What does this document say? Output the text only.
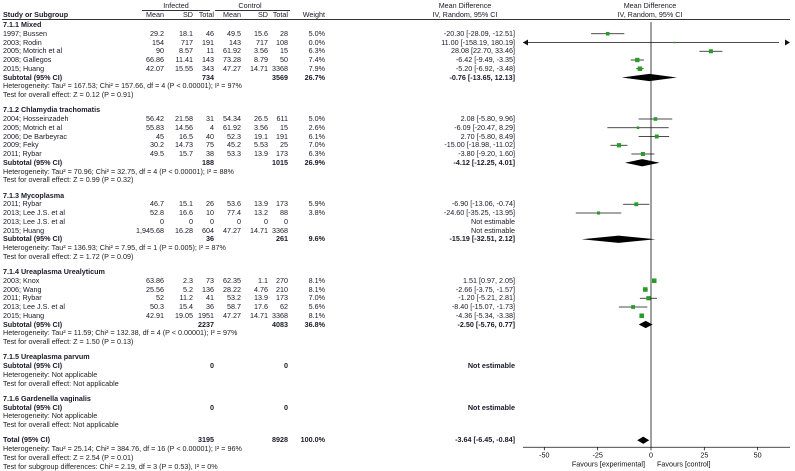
Infected	Control	Mean Difference	Mean Difference
Study or Subgroup	Mean	SD Total	Mean	SD Total	Weight	IV, Random, 95% CI	IV, Random, 95% CI
7.1.1 Mixed
1997; Bussen	29.2	18.1	46	49.5	15.6	28	5.0%	-20.30 [-28.09, -12.51]
2003; Rodin	154	717	191	143	717	108	0.0%	11.00 [-158.19, 180.19]
2005; Motrich et al	90	8.57	11	61.92	3.56	15	6.3%	28.08 [22.70, 33.46]
2008; Gallegos	66.86	11.41	143	73.28	8.79	50	7.4%	-6.42 [-9.49, -3.35]
2015; Huang	42.07	15.55	343	47.27	14.71 3368	7.9%	-5.20 [-6.92, -3.48]
Subtotal (95% CI)	734	3569	26.7%	-0.76 [-13.65, 12.13]
Heterogeneity: Tau² = 167.53; Chi² = 157.66, df = 4 (P < 0.00001); I² = 97%
Test for overall effect: Z = 0.12 (P = 0.91)
7.1.2 Chlamydia trachomatis
2004; Hosseinzadeh	56.42	21.58	31	54.34	26.5	611	5.0%	2.08 [-5.80, 9.96]
2005; Motrich et al	55.83	14.56	4	61.92	3.56	15	2.6%	-6.09 [-20.47, 8.29]
2006; De Barbeyrac	45	16.5	40	52.3	19.1	191	6.1%	2.70 [-5.80, 8.49]
2009; Feky	30.2	14.73	75	45.2	5.53	25	7.0%	-15.00 [-18.98, -11.02]
2011; Rybar	49.5	15.7	38	53.3	13.9	173	6.3%	-3.80 [-9.20, 1.60]
Subtotal (95% CI)	188	1015	26.9%	-4.12 [-12.25, 4.01]
Heterogeneity: Tau² = 70.96; Chi² = 32.75, df = 4 (P < 0.00001); I² = 88%
Test for overall effect: Z = 0.99 (P = 0.32)
7.1.3 Mycoplasma
2011; Rybar	46.7	15.1	26	53.6	13.9	173	5.9%	-6.90 [-13.06, -0.74]
2013; Lee J.S. et al	52.8	16.6	10	77.4	13.2	88	3.8%	-24.60 [-35.25, -13.95]
2013; Lee J.S. et al	0	0	0	0	0	0	Not estimable
2015; Huang	1,945.68	16.28	604	47.27	14.71 3368	Not estimable
Subtotal (95% CI)	36	261	9.6%	-15.19 [-32.51, 2.12]
Heterogeneity: Tau² = 136.93; Chi² = 7.95, df = 1 (P = 0.005); I² = 87%
Test for overall effect: Z = 1.72 (P = 0.09)
7.1.4 Ureaplasma Urealyticum
2003; Knox	63.86	2.3	73	62.35	1.1	270	8.1%	1.51 [0.97, 2.05]
2006; Wang	25.56	5.2	136	28.22	4.76	210	8.1%	-2.66 [-3.75, -1.57]
2011; Rybar	52	11.2	41	53.2	13.9	173	7.0%	-1.20 [-5.21, 2.81]
2013; Lee J.S. et al	50.3	15.4	36	58.7	17.6	62	5.6%	-8.40 [-15.07, -1.73]
2015; Huang	42.91	19.05 1951	47.27	14.71 3368	8.1%	-4.36 [-5.34, -3.38]
Subtotal (95% CI)	2237	4083	36.8%	-2.50 [-5.76, 0.77]
Heterogeneity: Tau² = 11.59; Chi² = 132.38, df = 4 (P < 0.00001); I² = 97%
Test for overall effect: Z = 1.50 (P = 0.13)
7.1.5 Ureaplasma parvum
Subtotal (95% CI)	0	0	Not estimable
Heterogeneity: Not applicable
Test for overall effect: Not applicable
7.1.6 Gardenella vaginalis
Subtotal (95% CI)	0	0	Not estimable
Heterogeneity: Not applicable
Test for overall effect: Not applicable
Total (95% CI)	3195	8928	100.0%	-3.64 [-6.45, -0.84]
Heterogeneity: Tau² = 25.14; Chi² = 384.76, df = 16 (P < 0.00001); I² = 96%
Test for overall effect: Z = 2.54 (P = 0.01)
Test for subgroup differences: Chi² = 2.19, df = 3 (P = 0.53), I² = 0%
-50	-25	0	25	50
Favours [experimental] Favours [control]
